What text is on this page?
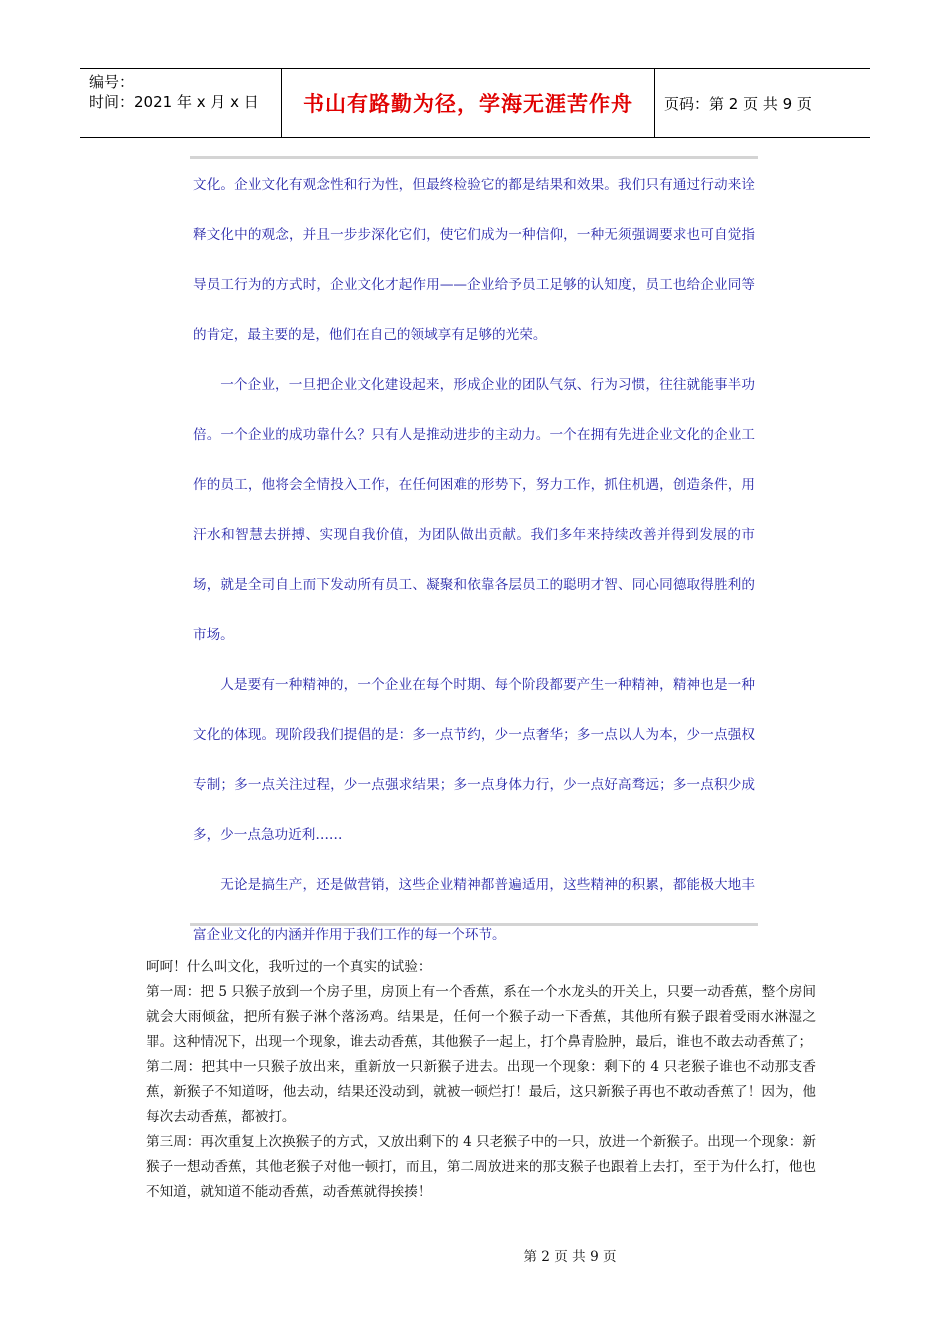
编号：
时间：2021 年 x 月 x 日	书山有路勤为径，学海无涯苦作舟 页码：第 2 页 共 9 页

文化。企业文化有观念性和行为性，但最终检验它的都是结果和效果。我们只有通过行动来诠释文化中的观念，并且一步步深化它们，使它们成为一种信仰，一种无须强调要求也可自觉指导员工行为的方式时，企业文化才起作用——企业给予员工足够的认知度，员工也给企业同等的肯定，最主要的是，他们在自己的领域享有足够的光荣。

一个企业，一旦把企业文化建设起来，形成企业的团队气氛、行为习惯，往往就能事半功倍。一个企业的成功靠什么？只有人是推动进步的主动力。一个在拥有先进企业文化的企业工作的员工，他将会全情投入工作，在任何困难的形势下，努力工作，抓住机遇，创造条件，用汗水和智慧去拼搏、实现自我价值，为团队做出贡献。我们多年来持续改善并得到发展的市场，就是全司自上而下发动所有员工、凝聚和依靠各层员工的聪明才智、同心同德取得胜利的市场。

人是要有一种精神的，一个企业在每个时期、每个阶段都要产生一种精神，精神也是一种文化的体现。现阶段我们提倡的是：多一点节约，少一点奢华；多一点以人为本，少一点强权专制；多一点关注过程，少一点强求结果；多一点身体力行，少一点好高骛远；多一点积少成多，少一点急功近利……

无论是搞生产，还是做营销，这些企业精神都普遍适用，这些精神的积累，都能极大地丰富企业文化的内涵并作用于我们工作的每一个环节。

呵呵！什么叫文化，我听过的一个真实的试验：

第一周：把 5 只猴子放到一个房子里，房顶上有一个香蕉，系在一个水龙头的开关上，只要一动香蕉，整个房间就会大雨倾盆，把所有猴子淋个落汤鸡。结果是，任何一个猴子动一下香蕉，其他所有猴子跟着受雨水淋湿之罪。这种情况下，出现一个现象，谁去动香蕉，其他猴子一起上，打个鼻青脸肿，最后，谁也不敢去动香蕉了；

第二周：把其中一只猴子放出来，重新放一只新猴子进去。出现一个现象：剩下的 4 只老猴子谁也不动那支香蕉，新猴子不知道呀，他去动，结果还没动到，就被一顿烂打！最后，这只新猴子再也不敢动香蕉了！因为，他每次去动香蕉，都被打。

第三周：再次重复上次换猴子的方式，又放出剩下的 4 只老猴子中的一只，放进一个新猴子。出现一个现象：新猴子一想动香蕉，其他老猴子对他一顿打，而且，第二周放进来的那支猴子也跟着上去打，至于为什么打，他也不知道，就知道不能动香蕉，动香蕉就得挨揍！

第 2 页 共 9 页
